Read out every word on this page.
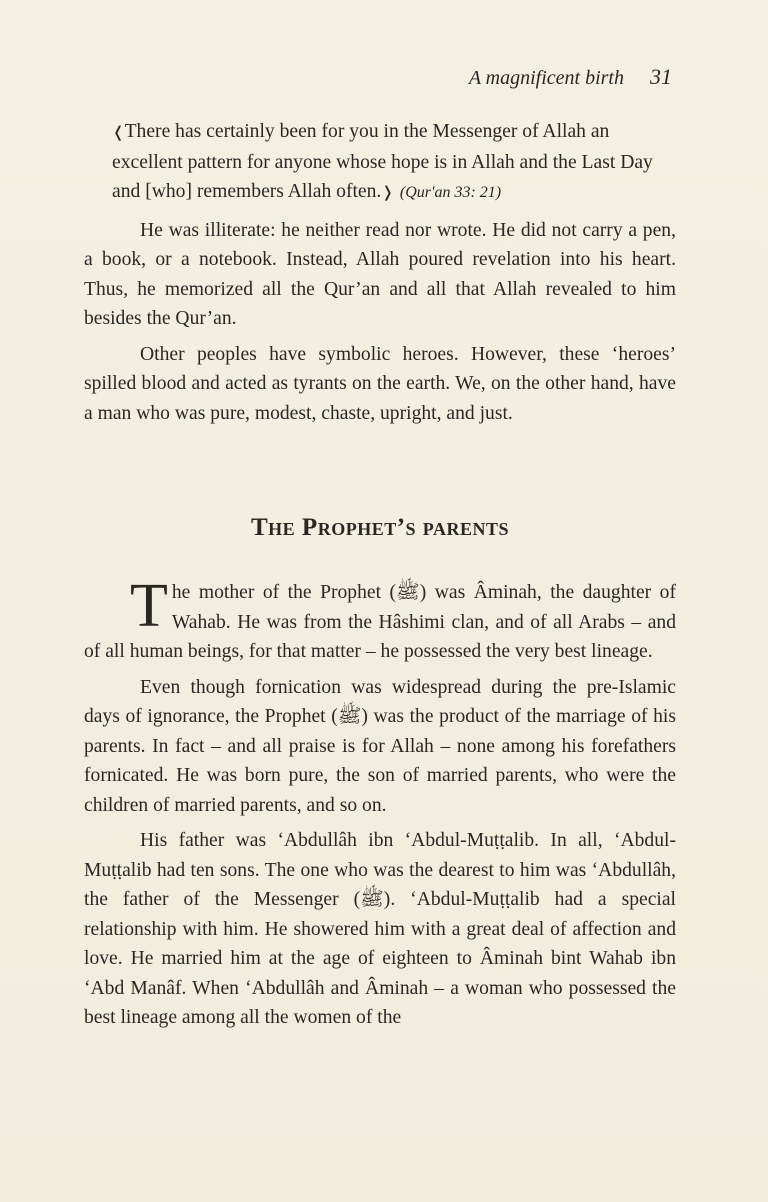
A magnificent birth 31

❬There has certainly been for you in the Messenger of Allah an excellent pattern for anyone whose hope is in Allah and the Last Day and [who] remembers Allah often.❭ (Qur'an 33: 21)

He was illiterate: he neither read nor wrote. He did not carry a pen, a book, or a notebook. Instead, Allah poured revelation into his heart. Thus, he memorized all the Qur’an and all that Allah revealed to him besides the Qur’an.

Other peoples have symbolic heroes. However, these ‘heroes’ spilled blood and acted as tyrants on the earth. We, on the other hand, have a man who was pure, modest, chaste, upright, and just.

The Prophet’s parents

The mother of the Prophet (ﷺ) was Âminah, the daughter of Wahab. He was from the Hâshimi clan, and of all Arabs – and of all human beings, for that matter – he possessed the very best lineage.

Even though fornication was widespread during the pre-Islamic days of ignorance, the Prophet (ﷺ) was the product of the marriage of his parents. In fact – and all praise is for Allah – none among his forefathers fornicated. He was born pure, the son of married parents, who were the children of married parents, and so on.

His father was ‘Abdullâh ibn ‘Abdul-Muṭṭalib. In all, ‘Abdul-Muṭṭalib had ten sons. The one who was the dearest to him was ‘Abdullâh, the father of the Messenger (ﷺ). ‘Abdul-Muṭṭalib had a special relationship with him. He showered him with a great deal of affection and love. He married him at the age of eighteen to Âminah bint Wahab ibn ‘Abd Manâf. When ‘Abdullâh and Âminah – a woman who possessed the best lineage among all the women of the
